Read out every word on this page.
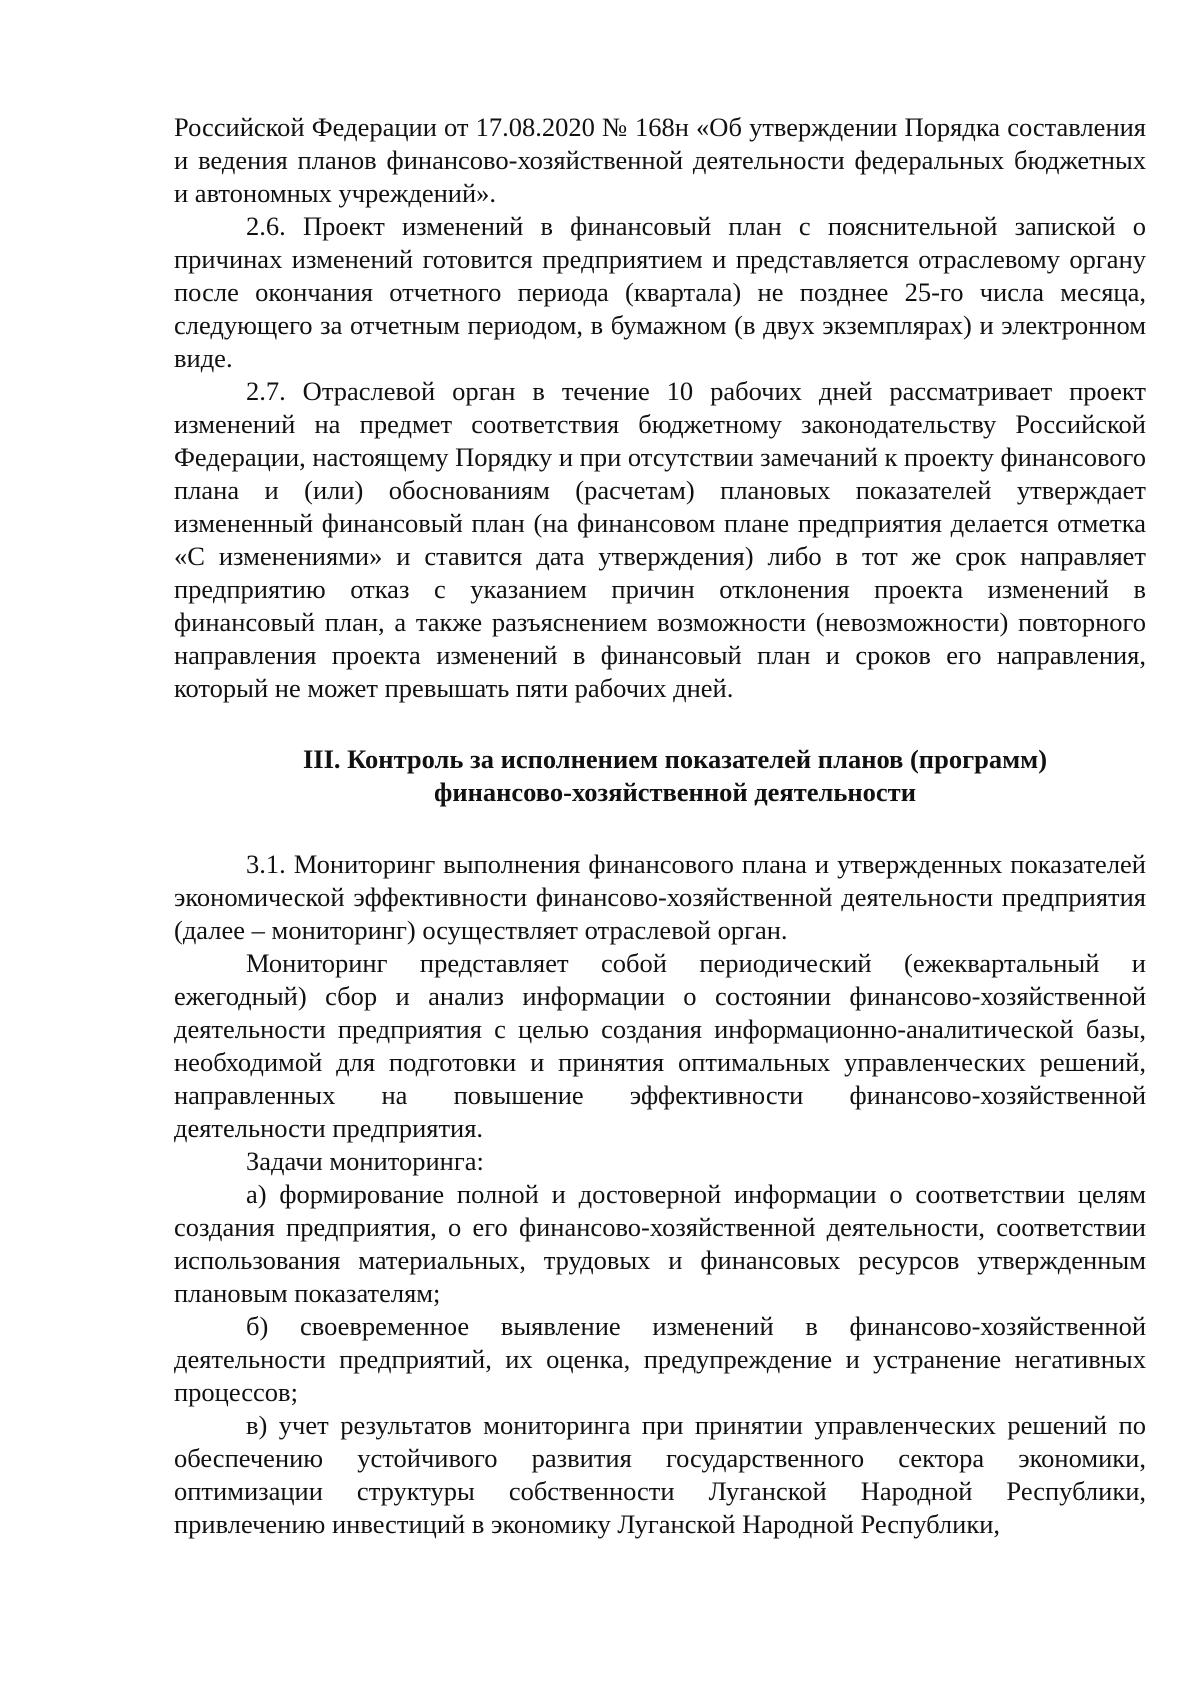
Российской Федерации от 17.08.2020 № 168н «Об утверждении Порядка составления и ведения планов финансово-хозяйственной деятельности федеральных бюджетных и автономных учреждений».

2.6. Проект изменений в финансовый план с пояснительной запиской о причинах изменений готовится предприятием и представляется отраслевому органу после окончания отчетного периода (квартала) не позднее 25-го числа месяца, следующего за отчетным периодом, в бумажном (в двух экземплярах) и электронном виде.

2.7. Отраслевой орган в течение 10 рабочих дней рассматривает проект изменений на предмет соответствия бюджетному законодательству Российской Федерации, настоящему Порядку и при отсутствии замечаний к проекту финансового плана и (или) обоснованиям (расчетам) плановых показателей утверждает измененный финансовый план (на финансовом плане предприятия делается отметка «С изменениями» и ставится дата утверждения) либо в тот же срок направляет предприятию отказ с указанием причин отклонения проекта изменений в финансовый план, а также разъяснением возможности (невозможности) повторного направления проекта изменений в финансовый план и сроков его направления, который не может превышать пяти рабочих дней.

III. Контроль за исполнением показателей планов (программ)
финансово-хозяйственной деятельности

3.1. Мониторинг выполнения финансового плана и утвержденных показателей экономической эффективности финансово-хозяйственной деятельности предприятия (далее – мониторинг) осуществляет отраслевой орган.

Мониторинг представляет собой периодический (ежеквартальный и ежегодный) сбор и анализ информации о состоянии финансово-хозяйственной деятельности предприятия с целью создания информационно-аналитической базы, необходимой для подготовки и принятия оптимальных управленческих решений, направленных на повышение эффективности финансово-хозяйственной деятельности предприятия.

Задачи мониторинга:

а) формирование полной и достоверной информации о соответствии целям создания предприятия, о его финансово-хозяйственной деятельности, соответствии использования материальных, трудовых и финансовых ресурсов утвержденным плановым показателям;

б) своевременное выявление изменений в финансово-хозяйственной деятельности предприятий, их оценка, предупреждение и устранение негативных процессов;

в) учет результатов мониторинга при принятии управленческих решений по обеспечению устойчивого развития государственного сектора экономики, оптимизации структуры собственности Луганской Народной Республики, привлечению инвестиций в экономику Луганской Народной Республики,
